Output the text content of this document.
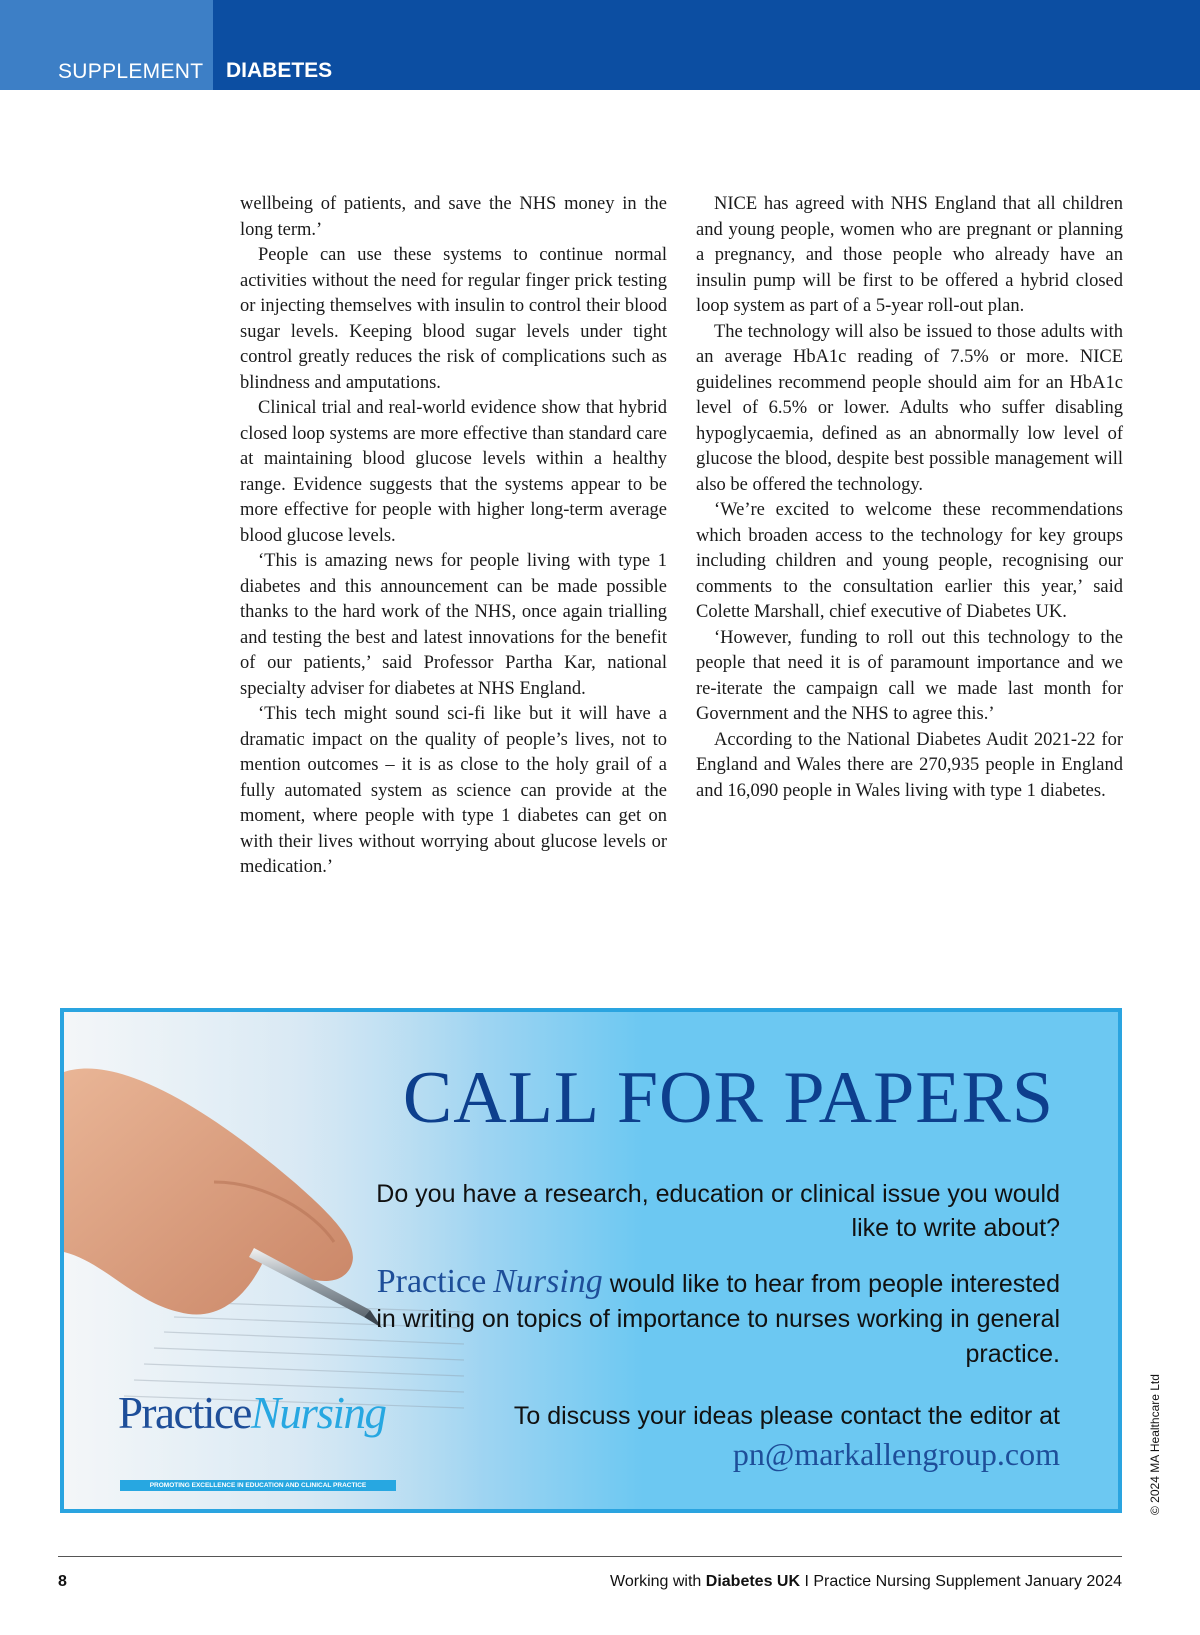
SUPPLEMENT DIABETES

wellbeing of patients, and save the NHS money in the long term.’

People can use these systems to continue normal activities without the need for regular finger prick testing or injecting themselves with insulin to control their blood sugar levels. Keeping blood sugar levels under tight control greatly reduces the risk of complications such as blindness and amputations.

Clinical trial and real-world evidence show that hybrid closed loop systems are more effective than standard care at maintaining blood glucose levels within a healthy range. Evidence suggests that the systems appear to be more effective for people with higher long-term average blood glucose levels.

‘This is amazing news for people living with type 1 diabetes and this announcement can be made possible thanks to the hard work of the NHS, once again trialling and testing the best and latest innovations for the benefit of our patients,’ said Professor Partha Kar, national specialty adviser for diabetes at NHS England.

‘This tech might sound sci-fi like but it will have a dramatic impact on the quality of people’s lives, not to mention outcomes – it is as close to the holy grail of a fully automated system as science can provide at the moment, where people with type 1 diabetes can get on with their lives without worrying about glucose levels or medication.’

NICE has agreed with NHS England that all children and young people, women who are pregnant or planning a pregnancy, and those people who already have an insulin pump will be first to be offered a hybrid closed loop system as part of a 5-year roll-out plan.

The technology will also be issued to those adults with an average HbA1c reading of 7.5% or more. NICE guidelines recommend people should aim for an HbA1c level of 6.5% or lower. Adults who suffer disabling hypoglycaemia, defined as an abnormally low level of glucose the blood, despite best possible management will also be offered the technology.

‘We’re excited to welcome these recommendations which broaden access to the technology for key groups including children and young people, recognising our comments to the consultation earlier this year,’ said Colette Marshall, chief executive of Diabetes UK.

‘However, funding to roll out this technology to the people that need it is of paramount importance and we re-iterate the campaign call we made last month for Government and the NHS to agree this.’

According to the National Diabetes Audit 2021-22 for England and Wales there are 270,935 people in England and 16,090 people in Wales living with type 1 diabetes.

CALL FOR PAPERS
Do you have a research, education or clinical issue you would like to write about?
Practice Nursing would like to hear from people interested in writing on topics of importance to nurses working in general practice.
To discuss your ideas please contact the editor at
pn@markallengroup.com
PracticeNursing
PROMOTING EXCELLENCE IN EDUCATION AND CLINICAL PRACTICE	© 2024 MA Healthcare Ltd
8	Working with Diabetes UK I Practice Nursing Supplement January 2024
